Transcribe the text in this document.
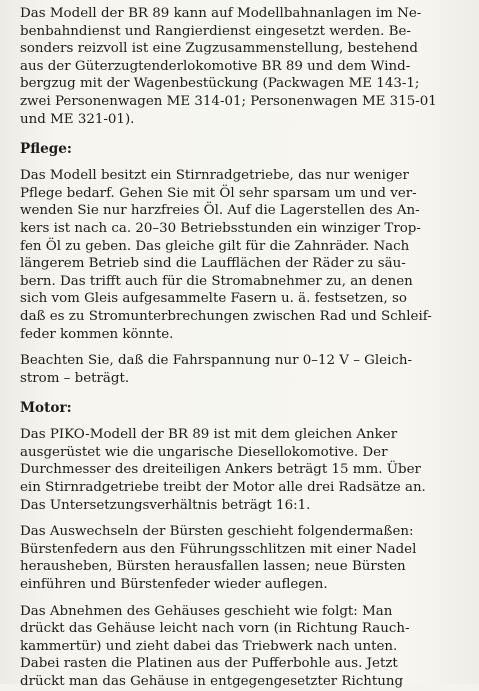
Das Modell der BR 89 kann auf Modellbahnanlagen im Ne-
benbahndienst und Rangierdienst eingesetzt werden. Be-
sonders reizvoll ist eine Zugzusammenstellung, bestehend
aus der Güterzugtenderlokomotive BR 89 und dem Wind-
bergzug mit der Wagenbestückung (Packwagen ME 143-1;
zwei Personenwagen ME 314-01; Personenwagen ME 315-01
und ME 321-01).

Pflege:

Das Modell besitzt ein Stirnradgetriebe, das nur weniger
Pflege bedarf. Gehen Sie mit Öl sehr sparsam um und ver-
wenden Sie nur harzfreies Öl. Auf die Lagerstellen des An-
kers ist nach ca. 20–30 Betriebsstunden ein winziger Trop-
fen Öl zu geben. Das gleiche gilt für die Zahnräder. Nach
längerem Betrieb sind die Laufflächen der Räder zu säu-
bern. Das trifft auch für die Stromabnehmer zu, an denen
sich vom Gleis aufgesammelte Fasern u. ä. festsetzen, so
daß es zu Stromunterbrechungen zwischen Rad und Schleif-
feder kommen könnte.

Beachten Sie, daß die Fahrspannung nur 0–12 V – Gleich-
strom – beträgt.

Motor:

Das PIKO-Modell der BR 89 ist mit dem gleichen Anker
ausgerüstet wie die ungarische Diesellokomotive. Der
Durchmesser des dreiteiligen Ankers beträgt 15 mm. Über
ein Stirnradgetriebe treibt der Motor alle drei Radsätze an.
Das Untersetzungsverhältnis beträgt 16:1.

Das Auswechseln der Bürsten geschieht folgendermaßen:
Bürstenfedern aus den Führungsschlitzen mit einer Nadel
herausheben, Bürsten herausfallen lassen; neue Bürsten
einführen und Bürstenfeder wieder auflegen.

Das Abnehmen des Gehäuses geschieht wie folgt: Man
drückt das Gehäuse leicht nach vorn (in Richtung Rauch-
kammertür) und zieht dabei das Triebwerk nach unten.
Dabei rasten die Platinen aus der Pufferbohle aus. Jetzt
drückt man das Gehäuse in entgegengesetzter Richtung
